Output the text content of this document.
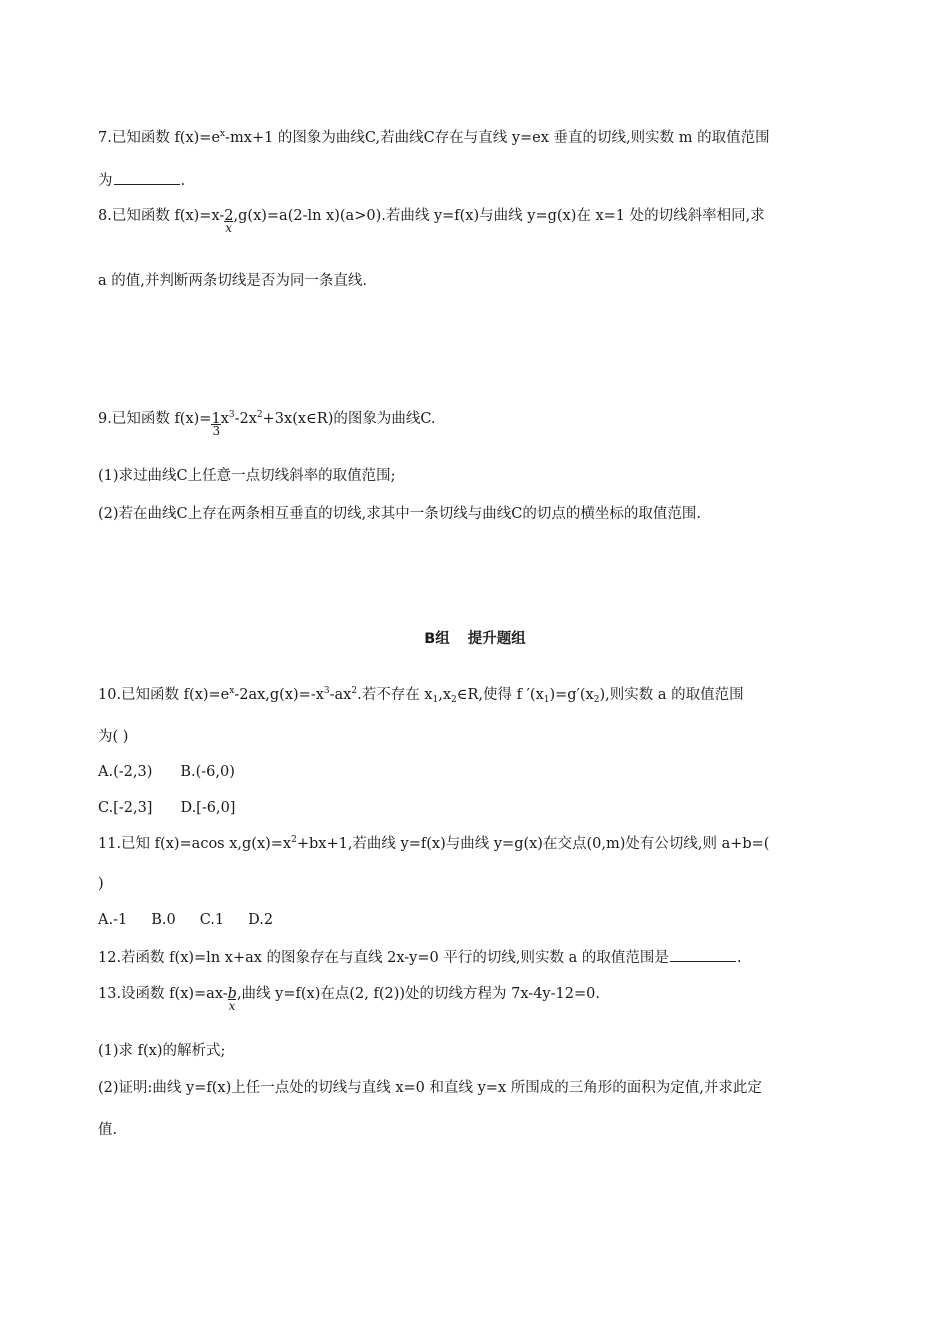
7.已知函数 $f(x)=e^x-mx+1$ 的图象为曲线C,若曲线C存在与直线 y=ex 垂直的切线,则实数 m 的取值范围
为	.
8.已知函数 $f(x)=x-\frac{2}{x} ,g(x)=a(2-\ln$ x)(a>0).若曲线 y=f(x)与曲线 y=g(x)在 x=1 处的切线斜率相同,求
a 的值,并判断两条切线是否为同一条直线.
9.已知函数 $f(x)=\frac{1}{3}$ $x^3-2x^2+3x(x\in R)$的图象为曲线C.
(1)求过曲线C上任意一点切线斜率的取值范围;
(2)若在曲线C上存在两条相互垂直的切线,求其中一条切线与曲线C的切点的横坐标的取值范围.
B组 提升题组
10.已知函数 $f(x)=e^x-2ax,g(x)=-x^3-ax^2$.若不存在 $x_1,x_2\in R$,使得 f $'(x_1)=g'(x_2)$,则实数 a 的取值范围
为( )
A.(-2,3) B.(-6,0)
C.[-2,3] D.[-6,0]
11.已知 f(x)=acos $x,g(x)=x^2+bx+1$,若曲线 y=f(x)与曲线 y=g(x)在交点(0,m)处有公切线,则 a+b=(
)
A.-1 B.0 C.1 D.2
12.若函数 f(x)=ln x+ax 的图象存在与直线 2x-y=0 平行的切线,则实数 a 的取值范围是	.
13.设函数 $f(x)=ax-\frac{b}{x}$ ,曲线 y=f(x)在点(2, f(2))处的切线方程为 7x-4y-12=0.
(1)求 f(x)的解析式;
(2)证明:曲线 y=f(x)上任一点处的切线与直线 x=0 和直线 y=x 所围成的三角形的面积为定值,并求此定
值.
